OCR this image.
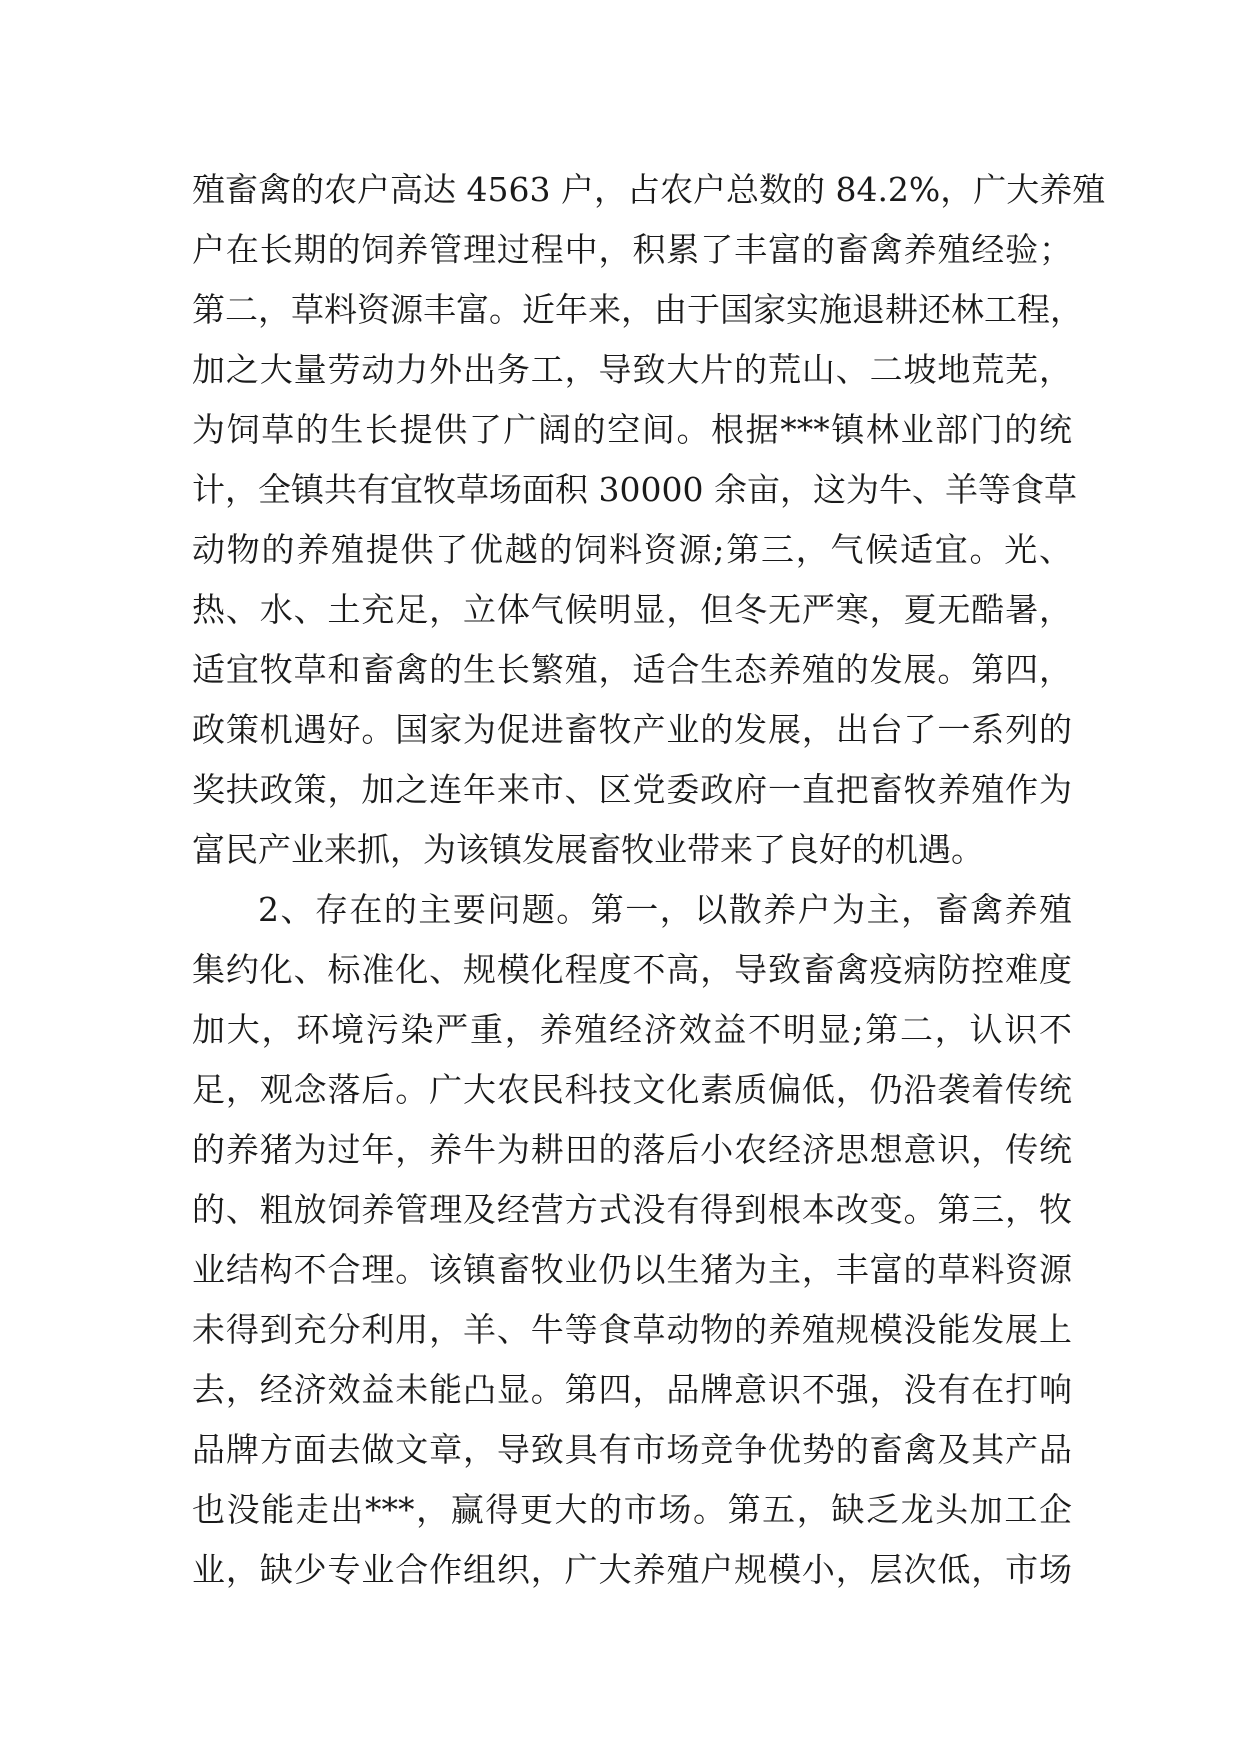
殖畜禽的农户高达 4563 户，占农户总数的 84.2%，广大养殖
户在长期的饲养管理过程中，积累了丰富的畜禽养殖经验；
第二，草料资源丰富。近年来，由于国家实施退耕还林工程，
加之大量劳动力外出务工，导致大片的荒山、二坡地荒芜，
为饲草的生长提供了广阔的空间。根据***镇林业部门的统
计，全镇共有宜牧草场面积 30000 余亩，这为牛、羊等食草
动物的养殖提供了优越的饲料资源;第三，气候适宜。光、
热、水、土充足，立体气候明显，但冬无严寒，夏无酷暑，
适宜牧草和畜禽的生长繁殖，适合生态养殖的发展。第四，
政策机遇好。国家为促进畜牧产业的发展，出台了一系列的
奖扶政策，加之连年来市、区党委政府一直把畜牧养殖作为
富民产业来抓，为该镇发展畜牧业带来了良好的机遇。
2、存在的主要问题。第一，以散养户为主，畜禽养殖
集约化、标准化、规模化程度不高，导致畜禽疫病防控难度
加大，环境污染严重，养殖经济效益不明显;第二，认识不
足，观念落后。广大农民科技文化素质偏低，仍沿袭着传统
的养猪为过年，养牛为耕田的落后小农经济思想意识，传统
的、粗放饲养管理及经营方式没有得到根本改变。第三，牧
业结构不合理。该镇畜牧业仍以生猪为主，丰富的草料资源
未得到充分利用，羊、牛等食草动物的养殖规模没能发展上
去，经济效益未能凸显。第四，品牌意识不强，没有在打响
品牌方面去做文章，导致具有市场竞争优势的畜禽及其产品
也没能走出***，赢得更大的市场。第五，缺乏龙头加工企
业，缺少专业合作组织，广大养殖户规模小，层次低，市场
